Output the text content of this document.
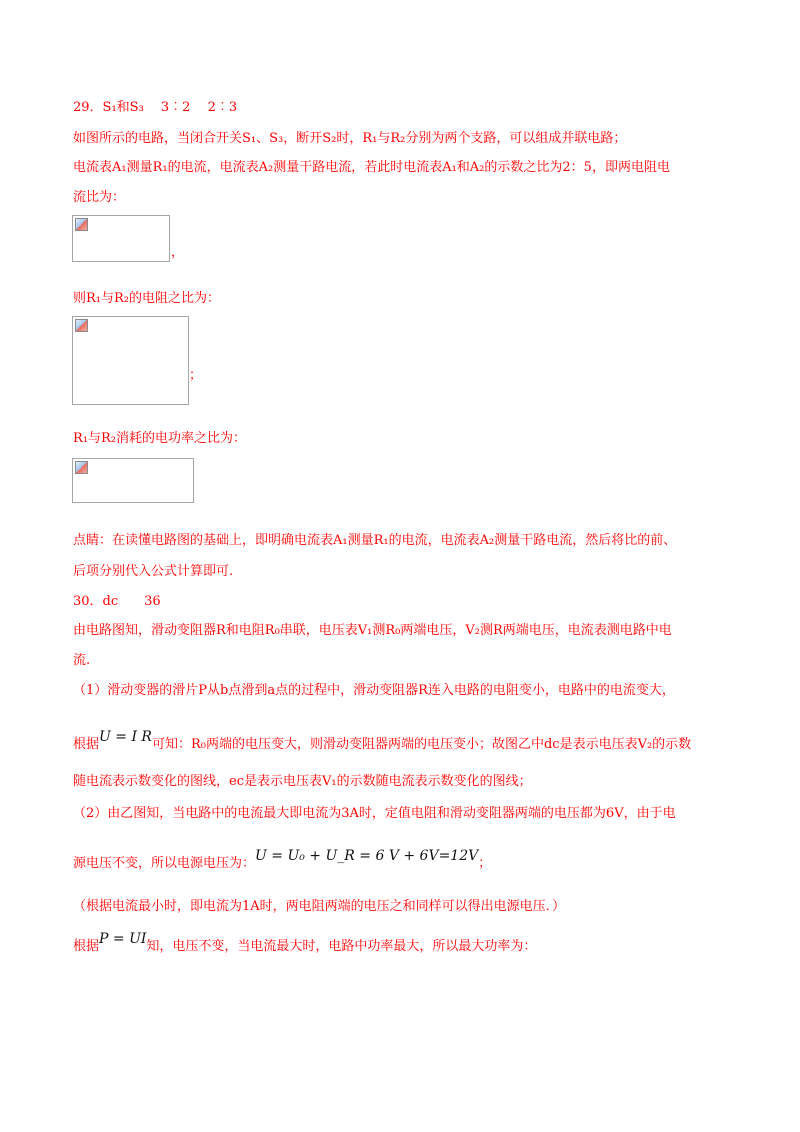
29．S₁和S₃　 3︰2　 2︰3
如图所示的电路，当闭合开关S₁、S₃，断开S₂时，R₁与R₂分别为两个支路，可以组成并联电路；
电流表A₁测量R₁的电流，电流表A₂测量干路电流，若此时电流表A₁和A₂的示数之比为2：5，即两电阻电
流比为：
，
则R₁与R₂的电阻之比为：
；
R₁与R₂消耗的电功率之比为：
点睛：在读懂电路图的基础上，即明确电流表A₁测量R₁的电流，电流表A₂测量干路电流，然后将比的前、
后项分别代入公式计算即可.
30．dc　　36
由电路图知，滑动变阻器R和电阻R₀串联，电压表V₁测R₀两端电压，V₂测R两端电压，电流表测电路中电
流.
（1）滑动变器的滑片P从b点滑到a点的过程中，滑动变阻器R连入电路的电阻变小，电路中的电流变大，
根据U = I R可知：R₀两端的电压变大，则滑动变阻器两端的电压变小；故图乙中dc是表示电压表V₂的示数
随电流表示数变化的图线，ec是表示电压表V₁的示数随电流表示数变化的图线；
（2）由乙图知，当电路中的电流最大即电流为3A时，定值电阻和滑动变阻器两端的电压都为6V，由于电
源电压不变，所以电源电压为：U = U₀ + U_R = 6 V + 6V=12V；
（根据电流最小时，即电流为1A时，两电阻两端的电压之和同样可以得出电源电压．）
根据P = UI知，电压不变，当电流最大时，电路中功率最大，所以最大功率为：
